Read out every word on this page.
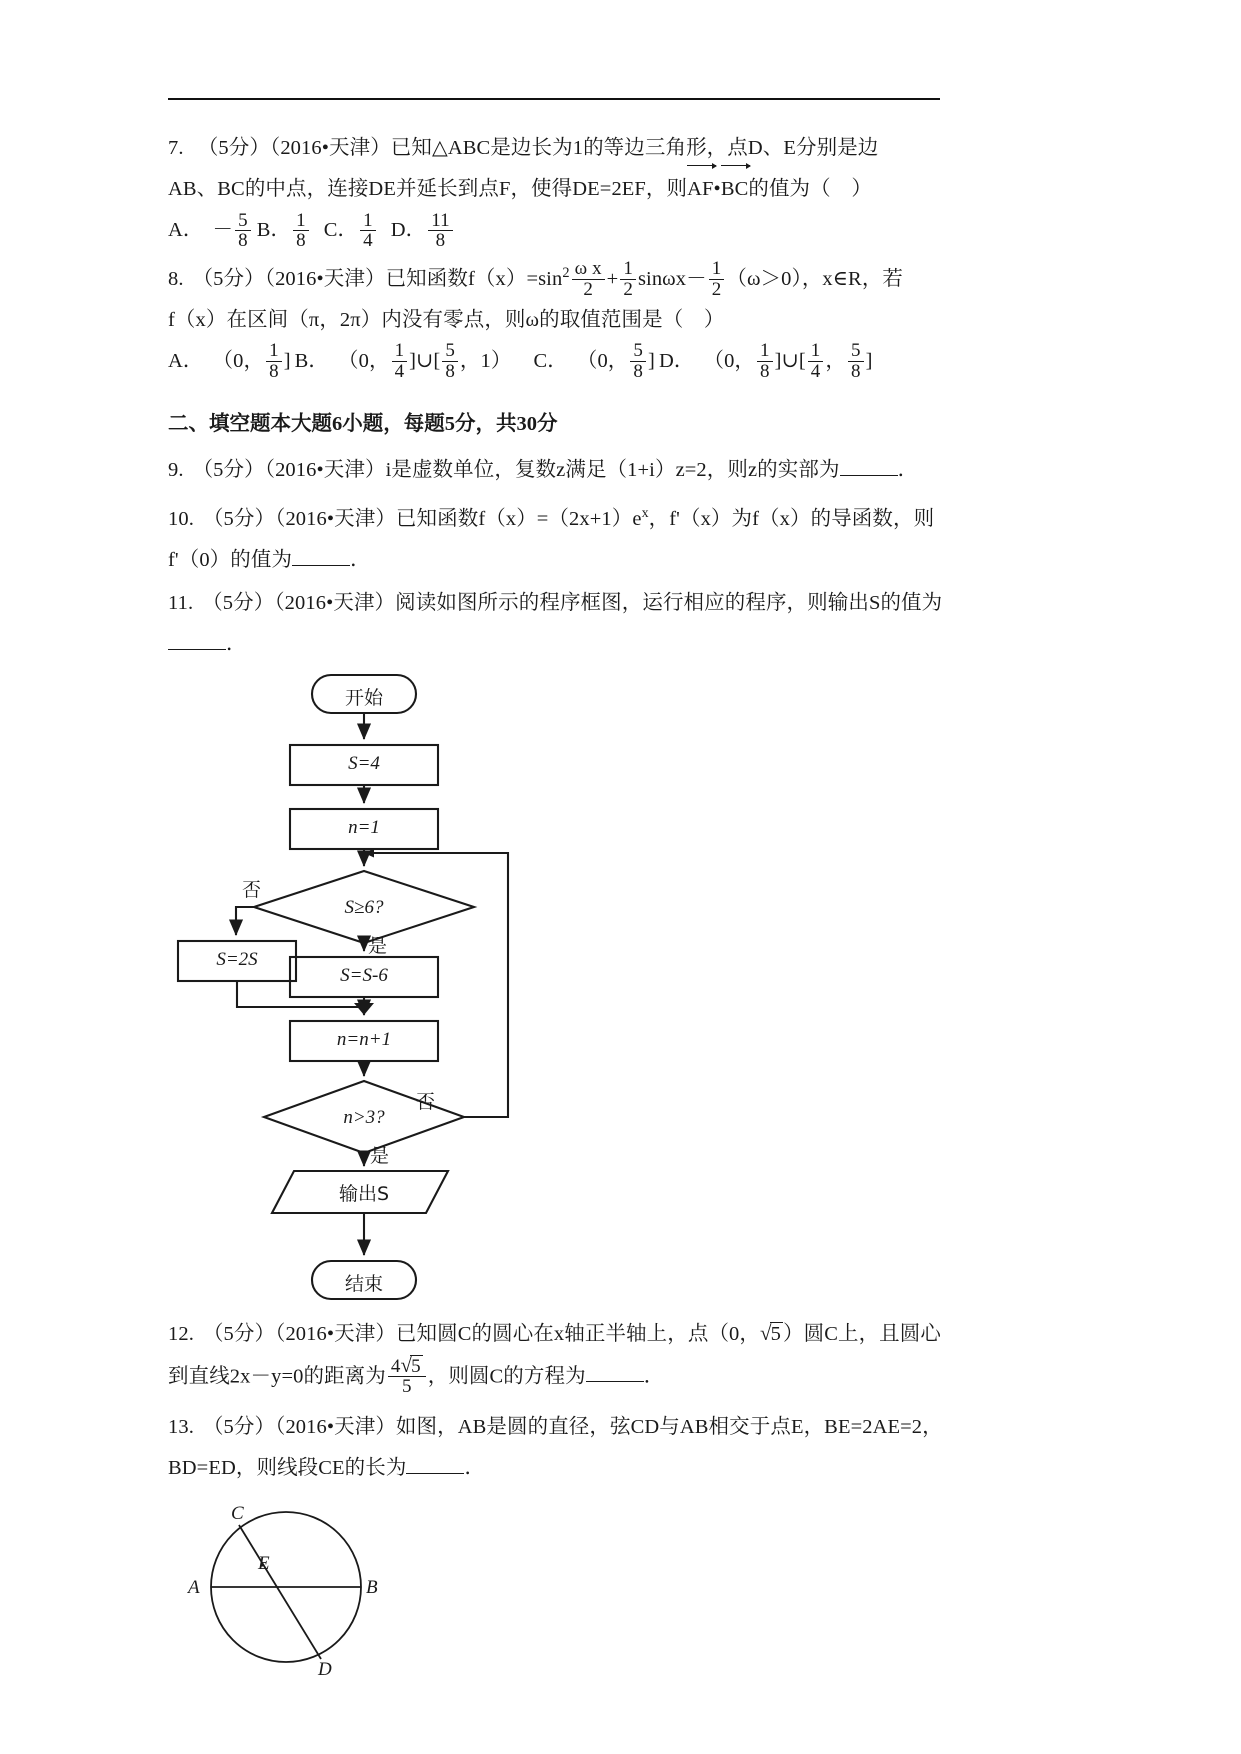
7. （5分）（2016•天津）已知△ABC是边长为1的等边三角形，点D、E分别是边
AB、BC的中点，连接DE并延长到点F，使得DE=2EF，则
AF•
BC的值为（　）
A． － $\frac{5}{8}$ B． $\frac{1}{8}$ C． $\frac{1}{4}$ D． $\frac{11}{8}$
8. （5分）（2016•天津）已知函数$f(x)=\sin^2 \frac{\text{ω x}}{2} + \frac{1}{2} \sin\omega x- \frac{1}{2} (\omega>0)$，x∈R，若
f（x）在区间（π，2π）内没有零点，则ω的取值范围是（　）
A． （0， $\frac{1}{8}$ ] B． （0， $\frac{1}{4}$ ]∪[ $\frac{5}{8}$ ，1） C． （0， $\frac{5}{8}$ ] D． （0， $\frac{1}{8}$ ]∪[ $\frac{1}{4}$ ， $\frac{5}{8}$ ]
二、填空题本大题6小题，每题5分，共30分
9. （5分）（2016•天津）i是虚数单位，复数z满足（1+i）z=2，则z的实部为	．
10. （5分）（2016•天津）已知函数$f(x)=(2x+1)e^x$，f'（x）为f（x）的导函数，则
f'（0）的值为	．
11. （5分）（2016•天津）阅读如图所示的程序框图，运行相应的程序，则输出S的值为
．
开始
S=4
n=1
S≥6?
S=2S
S=S-6
n=n+1
n>3?
否
是
否
是
输出S
结束
12. （5分）（2016•天津）已知圆C的圆心在x轴正半轴上，点（0，√5）圆C上，且圆心
到直线2x－y=0的距离为 $\frac{4√5}{5}$ ，则圆C的方程为	．
13. （5分）（2016•天津）如图，AB是圆的直径，弦CD与AB相交于点E，BE=2AE=2，
BD=ED，则线段CE的长为	．
C
E
A	B
D
